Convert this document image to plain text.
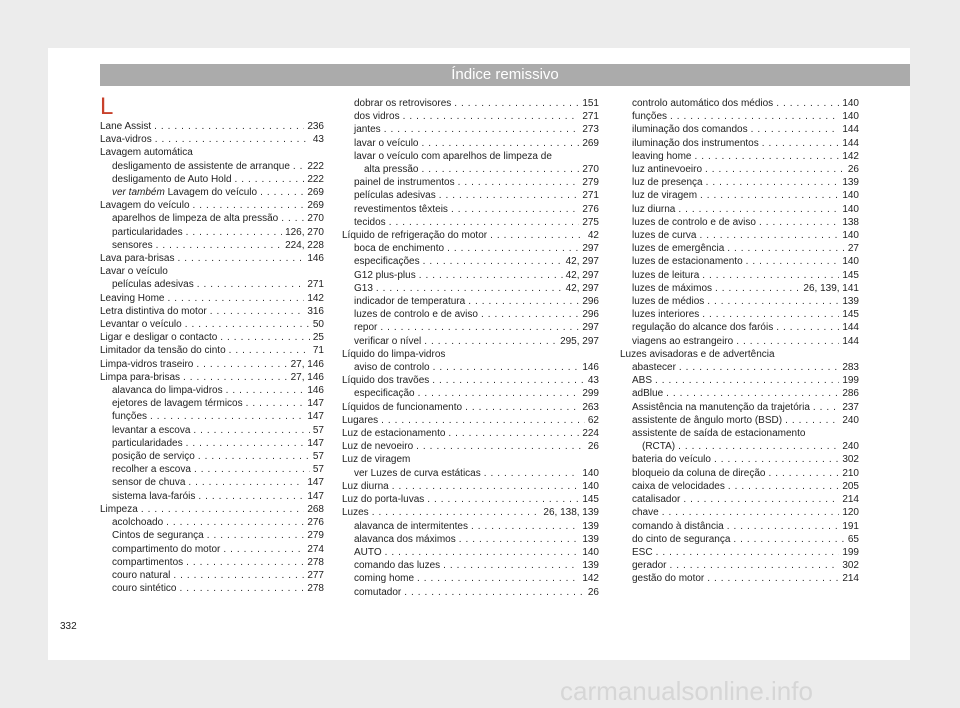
Índice remissivo
L
Lane Assist . . .	236
Lava-vidros . . .	43
Lavagem automática
desligamento de assistente de arranque . . . 222
desligamento de Auto Hold . . .	222
ver também Lavagem do veículo . . .	269
Lavagem do veículo . . .	269
aparelhos de limpeza de alta pressão . . .	270
particularidades . . .	126, 270
sensores . . .	224, 228
Lava para-brisas . . .	146
Lavar o veículo
películas adesivas . . .	271
Leaving Home . . .	142
Letra distintiva do motor . . .	316
Levantar o veículo . . .	50
Ligar e desligar o contacto . . .	25
Limitador da tensão do cinto . . .	71
Limpa-vidros traseiro . . .	27, 146
Limpa para-brisas . . .	27, 146
alavanca do limpa-vidros . . .	146
ejetores de lavagem térmicos . . .	147
funções . . .	147
levantar a escova . . .	57
particularidades . . .	147
posição de serviço . . .	57
recolher a escova . . .	57
sensor de chuva . . .	147
sistema lava-faróis . . .	147
Limpeza . . .	268
acolchoado . . .	276
Cintos de segurança . . .	279
compartimento do motor . . .	274
compartimentos . . .	278
couro natural . . .	277
couro sintético . . .	278
dobrar os retrovisores . . .	151
dos vidros . . .	271
jantes . . .	273
lavar o veículo . . .	269
lavar o veículo com aparelhos de limpeza de
alta pressão . . .	270
painel de instrumentos . . .	279
películas adesivas . . .	271
revestimentos têxteis . . .	276
tecidos . . .	275
Líquido de refrigeração do motor . . .	42
boca de enchimento . . .	297
especificações . . .	42, 297
G12 plus-plus . . .	42, 297
G13 . . .	42, 297
indicador de temperatura . . .	296
luzes de controlo e de aviso . . .	296
repor . . .	297
verificar o nível . . .	295, 297
Líquido do limpa-vidros
aviso de controlo . . .	146
Líquido dos travões . . .	43
especificação . . .	299
Líquidos de funcionamento . . .	263
Lugares . . .	62
Luz de estacionamento . . .	224
Luz de nevoeiro . . .	26
Luz de viragem
ver Luzes de curva estáticas . . .	140
Luz diurna . . .	140
Luz do porta-luvas . . .	145
Luzes . . .	26, 138, 139
alavanca de intermitentes . . .	139
alavanca dos máximos . . .	139
AUTO . . .	140
comando das luzes . . .	139
coming home . . .	142
comutador . . .	26
controlo automático dos médios . . .	140
funções . . .	140
iluminação dos comandos . . .	144
iluminação dos instrumentos . . .	144
leaving home . . .	142
luz antinevoeiro . . .	26
luz de presença . . .	139
luz de viragem . . .	140
luz diurna . . .	140
luzes de controlo e de aviso . . .	138
luzes de curva . . .	140
luzes de emergência . . .	27
luzes de estacionamento . . .	140
luzes de leitura . . .	145
luzes de máximos . . .	26, 139, 141
luzes de médios . . .	139
luzes interiores . . .	145
regulação do alcance dos faróis . . .	144
viagens ao estrangeiro . . .	144
Luzes avisadoras e de advertência
abastecer . . .	283
ABS . . .	199
adBlue . . .	286
Assistência na manutenção da trajetória . . .	237
assistente de ângulo morto (BSD) . . .	240
assistente de saída de estacionamento
(RCTA) . . .	240
bateria do veículo . . .	302
bloqueio da coluna de direção . . .	210
caixa de velocidades . . .	205
catalisador . . .	214
chave . . .	120
comando à distância . . .	191
do cinto de segurança . . .	65
ESC . . .	199
gerador . . .	302
gestão do motor . . .	214
332
carmanualsonline.info
